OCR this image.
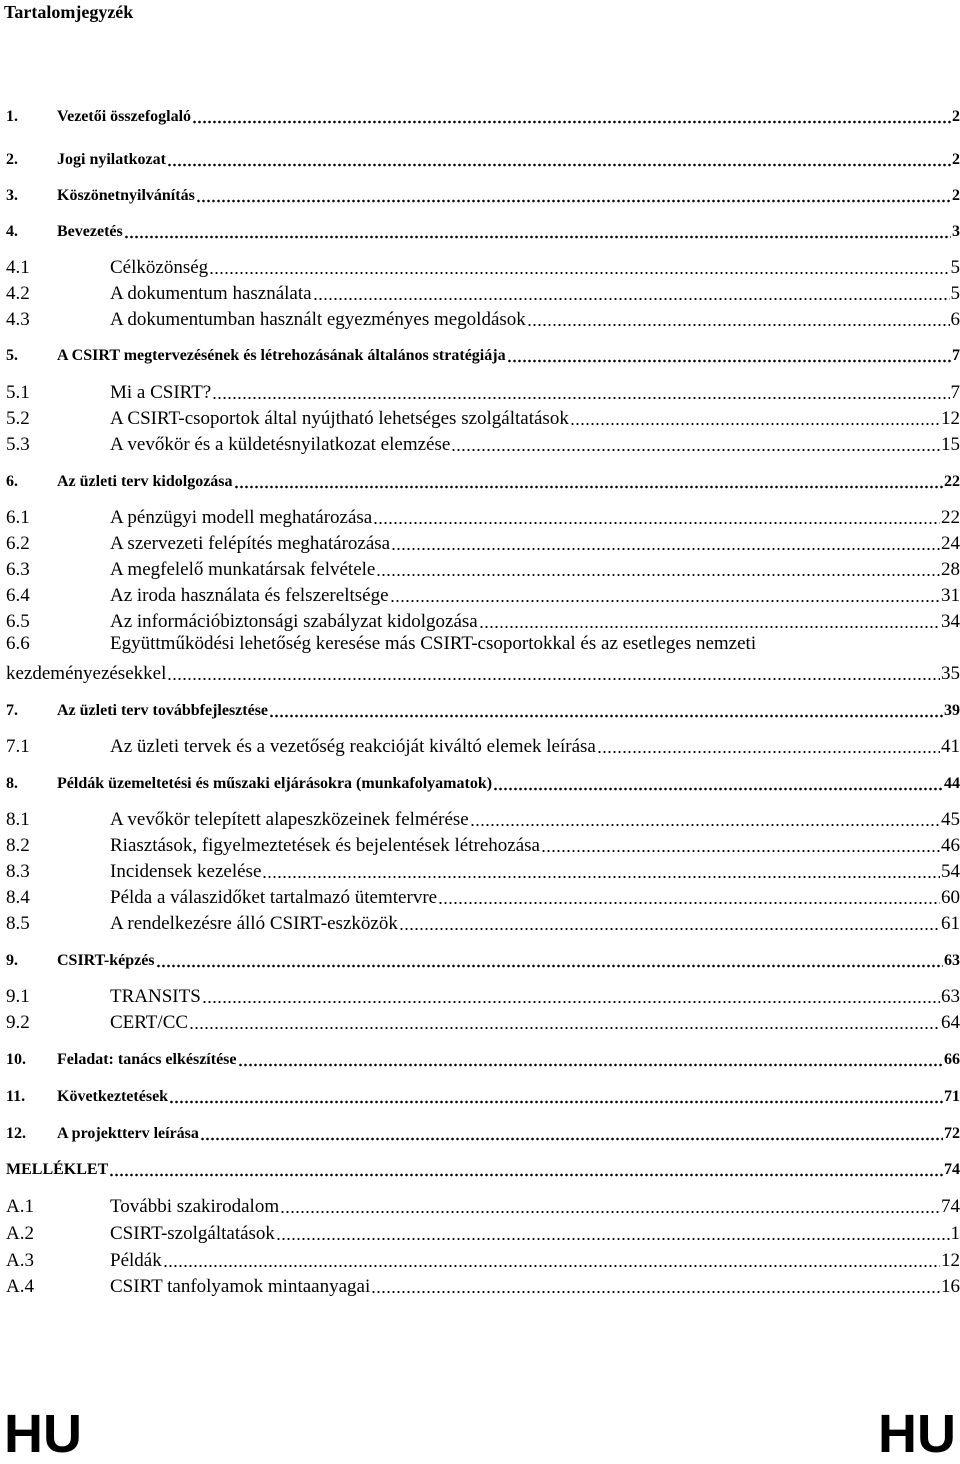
Tartalomjegyzék
1.	Vezetői összefoglaló	2
2.	Jogi nyilatkozat	2
3.	Köszönetnyilvánítás	2
4.	Bevezetés	3
4.1	Célközönség	5
4.2	A dokumentum használata	5
4.3	A dokumentumban használt egyezményes megoldások	6
5.	A CSIRT megtervezésének és létrehozásának általános stratégiája	7
5.1	Mi a CSIRT?	7
5.2	A CSIRT-csoportok által nyújtható lehetséges szolgáltatások	12
5.3	A vevőkör és a küldetésnyilatkozat elemzése	15
6.	Az üzleti terv kidolgozása	22
6.1	A pénzügyi modell meghatározása	22
6.2	A szervezeti felépítés meghatározása	24
6.3	A megfelelő munkatársak felvétele	28
6.4	Az iroda használata és felszereltsége	31
6.5	Az információbiztonsági szabályzat kidolgozása	34
6.6	Együttműködési lehetőség keresése más CSIRT-csoportokkal és az esetleges nemzeti
kezdeményezésekkel	35
7.	Az üzleti terv továbbfejlesztése	39
7.1	Az üzleti tervek és a vezetőség reakcióját kiváltó elemek leírása	41
8.	Példák üzemeltetési és műszaki eljárásokra (munkafolyamatok)	44
8.1	A vevőkör telepített alapeszközeinek felmérése	45
8.2	Riasztások, figyelmeztetések és bejelentések létrehozása	46
8.3	Incidensek kezelése	54
8.4	Példa a válaszidőket tartalmazó ütemtervre	60
8.5	A rendelkezésre álló CSIRT-eszközök	61
9.	CSIRT-képzés	63
9.1	TRANSITS	63
9.2	CERT/CC	64
10.	Feladat: tanács elkészítése	66
11.	Következtetések	71
12.	A projektterv leírása	72
MELLÉKLET	74
A.1	További szakirodalom	74
A.2	CSIRT-szolgáltatások	1
A.3	Példák	12
A.4	CSIRT tanfolyamok mintaanyagai	16
HU	HU
